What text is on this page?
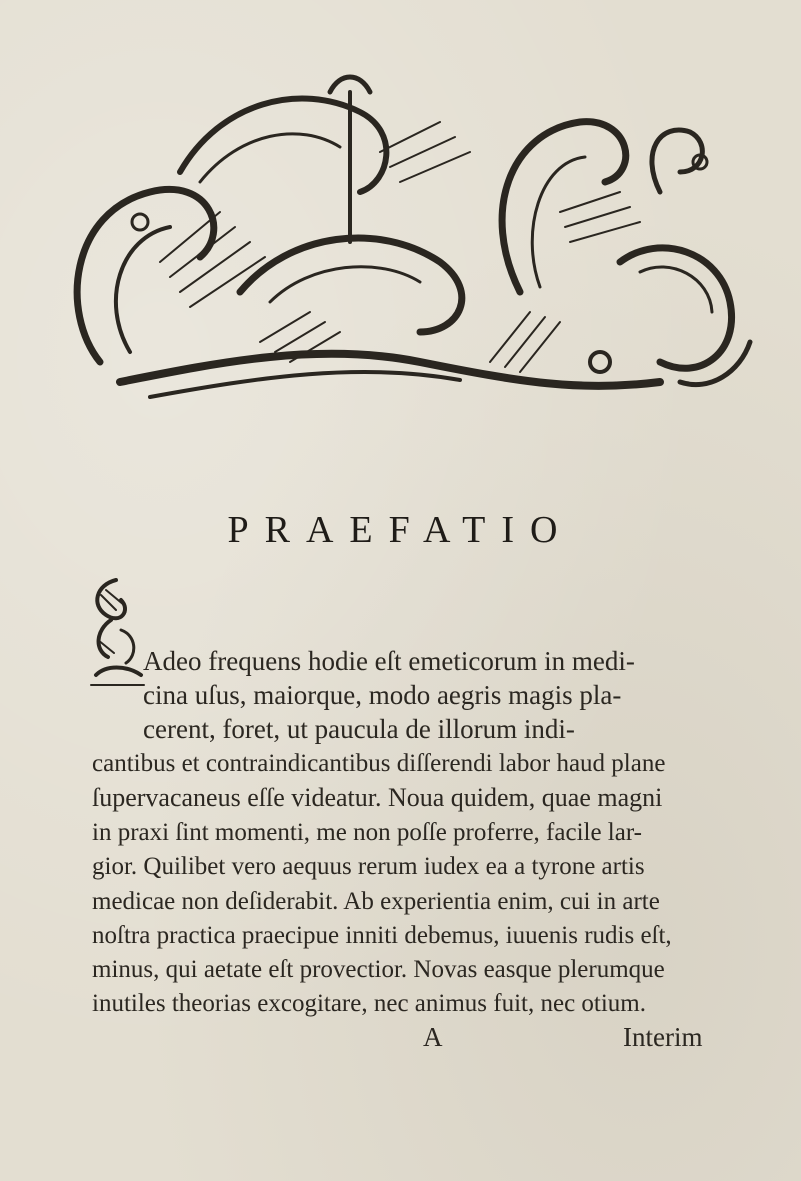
PRAEFATIO
Adeo frequens hodie eſt emeticorum in medi-
cina uſus, maiorque, modo aegris magis pla-
cerent, foret, ut paucula de illorum indi-
cantibus et contraindicantibus diſſerendi labor haud plane
ſupervacaneus eſſe videatur. Noua quidem, quae magni
in praxi ſint momenti, me non poſſe proferre, facile lar-
gior. Quilibet vero aequus rerum iudex ea a tyrone artis
medicae non deſiderabit. Ab experientia enim, cui in arte
noſtra practica praecipue inniti debemus, iuuenis rudis eſt,
minus, qui aetate eſt provectior. Novas easque plerumque
inutiles theorias excogitare, nec animus fuit, nec otium.
A	Interim
